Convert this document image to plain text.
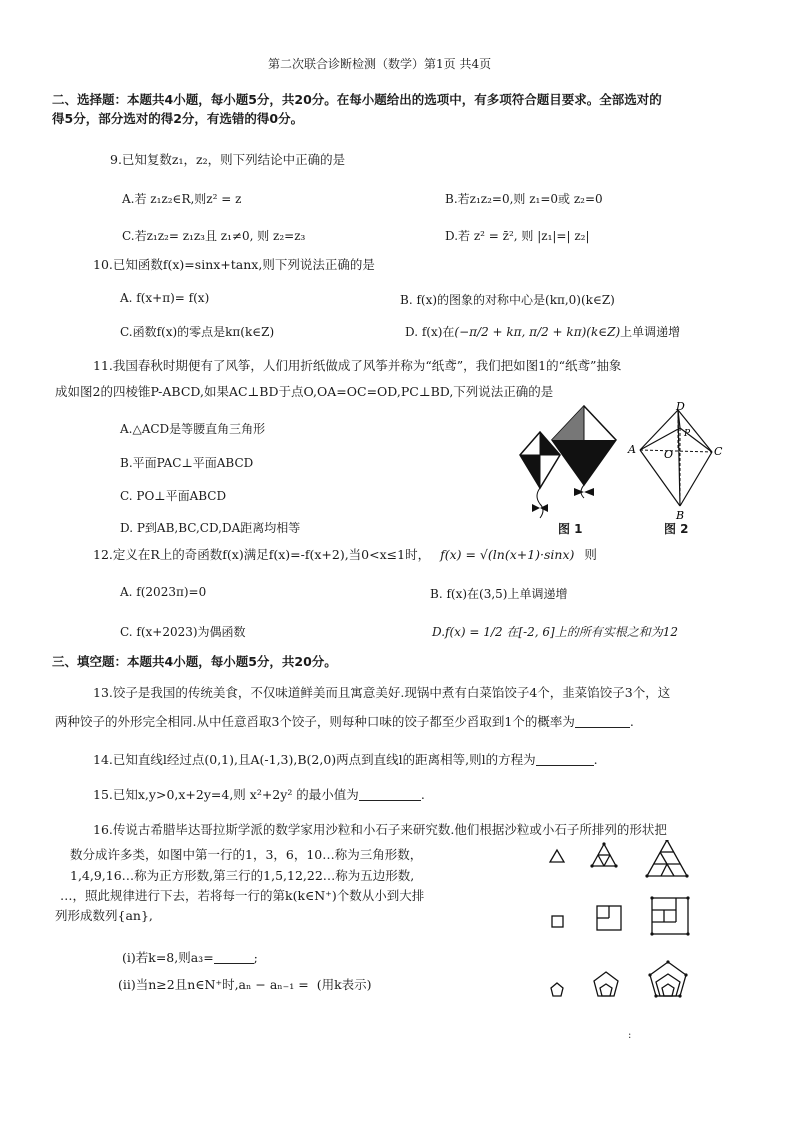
第二次联合诊断检测（数学）第1页 共4页
二、选择题：本题共4小题，每小题5分，共20分。在每小题给出的选项中，有多项符合题目要求。全部选对的
得5分，部分选对的得2分，有选错的得0分。
9.已知复数z₁，z₂，则下列结论中正确的是
A.若 z₁z₂∈R,则z² = z	B.若z₁z₂=0,则 z₁=0或 z₂=0
C.若z₁z₂= z₁z₃且 z₁≠0, 则 z₂=z₃	D.若 z² = z̄², 则 |z₁|=| z₂|
10.已知函数f(x)=sinx+tanx,则下列说法正确的是
A. f(x+π)= f(x)	B. f(x)的图象的对称中心是(kπ,0)(k∈Z)
C.函数f(x)的零点是kπ(k∈Z)	D. f(x)在(−π/2 + kπ, π/2 + kπ)(k∈Z)上单调递增
11.我国春秋时期便有了风筝，人们用折纸做成了风筝并称为“纸鸢”，我们把如图1的“纸鸢”抽象
成如图2的四棱锥P-ABCD,如果AC⊥BD于点O,OA=OC=OD,PC⊥BD,下列说法正确的是
A.△ACD是等腰直角三角形
B.平面PAC⊥平面ABCD
C. PO⊥平面ABCD
D. P到AB,BC,CD,DA距离均相等	图 1
D
A	O	C
B
P
图 2
12.定义在R上的奇函数f(x)满足f(x)=-f(x+2),当0<x≤1时， f(x) = √(ln(x+1)·sinx) 则
A. f(2023π)=0	B. f(x)在(3,5)上单调递增
C. f(x+2023)为偶函数	D.f(x) = 1/2 在[-2, 6]上的所有实根之和为12
三、填空题：本题共4小题，每小题5分，共20分。
13.饺子是我国的传统美食，不仅味道鲜美而且寓意美好.现锅中煮有白菜馅饺子4个，韭菜馅饺子3个，这
两种饺子的外形完全相同.从中任意舀取3个饺子，则每种口味的饺子都至少舀取到1个的概率为	.
14.已知直线l经过点(0,1),且A(-1,3),B(2,0)两点到直线l的距离相等,则l的方程为	.
15.已知x,y>0,x+2y=4,则 x²+2y² 的最小值为	.
16.传说古希腊毕达哥拉斯学派的数学家用沙粒和小石子来研究数.他们根据沙粒或小石子所排列的形状把
数分成许多类，如图中第一行的1，3，6，10…称为三角形数，
1,4,9,16…称为正方形数,第三行的1,5,12,22…称为五边形数,
…，照此规律进行下去，若将每一行的第k(k∈N⁺)个数从小到大排
列形成数列{an},
(i)若k=8,则a₃=	;
(ii)当n≥2且n∈N⁺时,aₙ − aₙ₋₁ = (用k表示)
:
